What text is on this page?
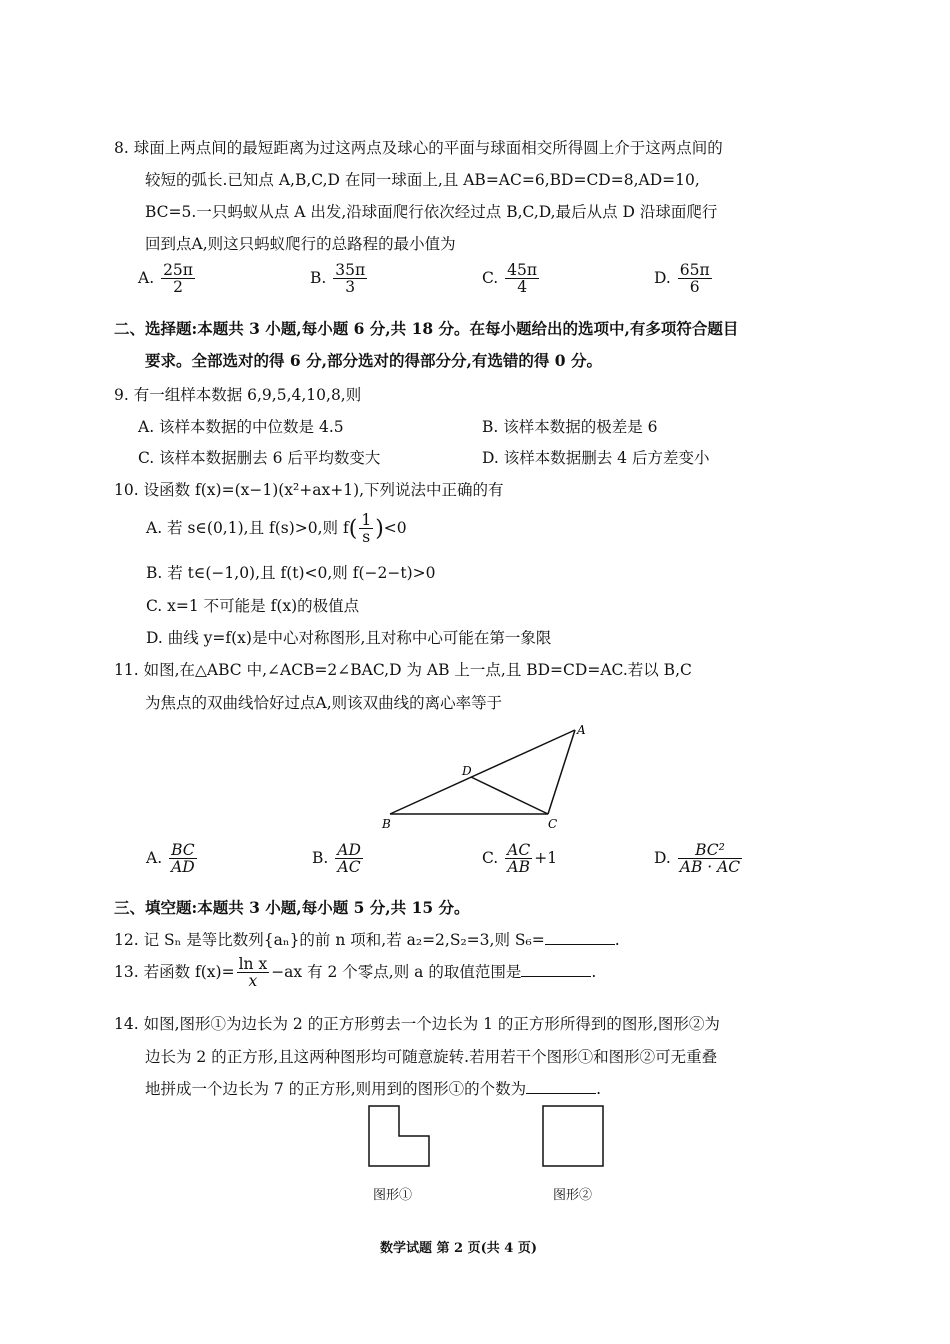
8. 球面上两点间的最短距离为过这两点及球心的平面与球面相交所得圆上介于这两点间的
较短的弧长.已知点 A,B,C,D 在同一球面上,且 AB=AC=6,BD=CD=8,AD=10,
BC=5.一只蚂蚁从点 A 出发,沿球面爬行依次经过点 B,C,D,最后从点 D 沿球面爬行
回到点A,则这只蚂蚁爬行的总路程的最小值为
A. $\frac{25\pi}{2}$	B. $\frac{35\pi}{3}$	C. $\frac{45\pi}{4}$	D. $\frac{65\pi}{6}$
二、选择题:本题共 3 小题,每小题 6 分,共 18 分。在每小题给出的选项中,有多项符合题目
要求。全部选对的得 6 分,部分选对的得部分分,有选错的得 0 分。
9. 有一组样本数据 6,9,5,4,10,8,则
A. 该样本数据的中位数是 4.5	B. 该样本数据的极差是 6
C. 该样本数据删去 6 后平均数变大	D. 该样本数据删去 4 后方差变小
10. 设函数 f(x)=(x−1)(x²+ax+1),下列说法中正确的有
A. 若 s∈(0,1),且 f(s)>0,则 $f( \frac{1}{s} )<0$
B. 若 t∈(−1,0),且 f(t)<0,则 f(−2−t)>0
C. x=1 不可能是 f(x)的极值点
D. 曲线 y=f(x)是中心对称图形,且对称中心可能在第一象限
11. 如图,在△ABC 中,∠ACB=2∠BAC,D 为 AB 上一点,且 BD=CD=AC.若以 B,C
为焦点的双曲线恰好过点A,则该双曲线的离心率等于
A
B	C
D
A. $\frac{BC}{AD}$	B. $\frac{AD}{AC}$	C. $\frac{AC}{AB} +1$	D. $\frac{\text{BC²}}{AB \cdot AC}$
三、填空题:本题共 3 小题,每小题 5 分,共 15 分。
12. 记 Sₙ 是等比数列{aₙ}的前 n 项和,若 a₂=2,S₂=3,则 S₆=	.
13. 若函数 $f(x)= \frac{\text{ln x}}{x} -ax$ 有 2 个零点,则 a 的取值范围是	.
14. 如图,图形①为边长为 2 的正方形剪去一个边长为 1 的正方形所得到的图形,图形②为
边长为 2 的正方形,且这两种图形均可随意旋转.若用若干个图形①和图形②可无重叠
地拼成一个边长为 7 的正方形,则用到的图形①的个数为	.
图形①	图形②
数学试题 第 2 页(共 4 页)
